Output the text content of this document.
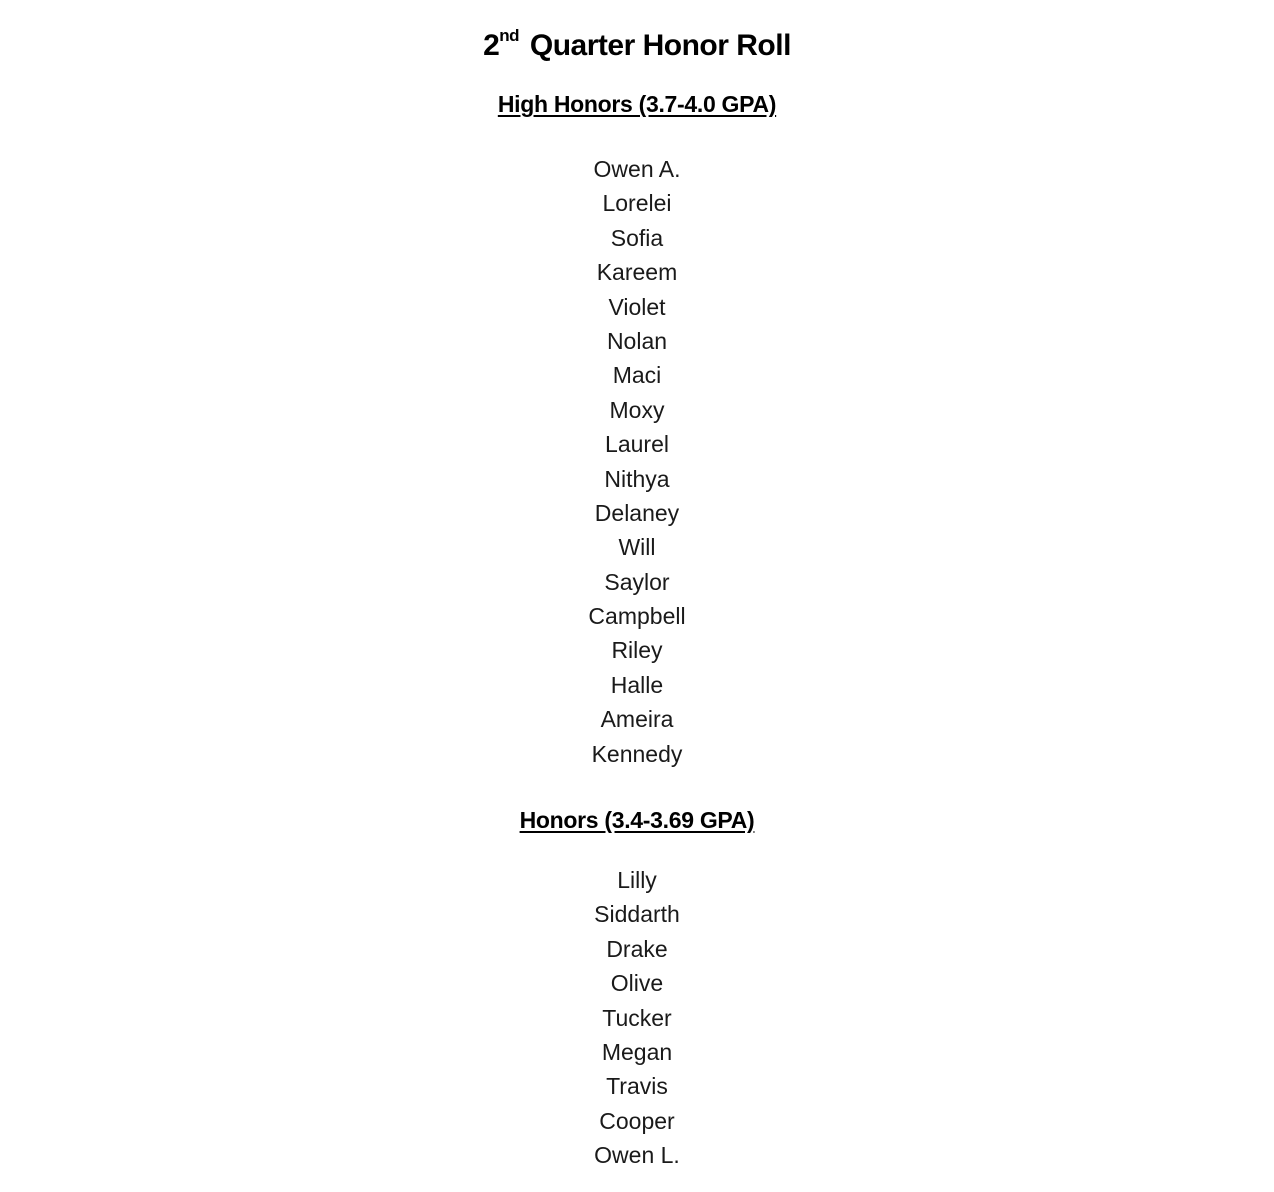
2nd Quarter Honor Roll
High Honors (3.7-4.0 GPA)
Owen A.
Lorelei
Sofia
Kareem
Violet
Nolan
Maci
Moxy
Laurel
Nithya
Delaney
Will
Saylor
Campbell
Riley
Halle
Ameira
Kennedy
Honors (3.4-3.69 GPA)
Lilly
Siddarth
Drake
Olive
Tucker
Megan
Travis
Cooper
Owen L.
